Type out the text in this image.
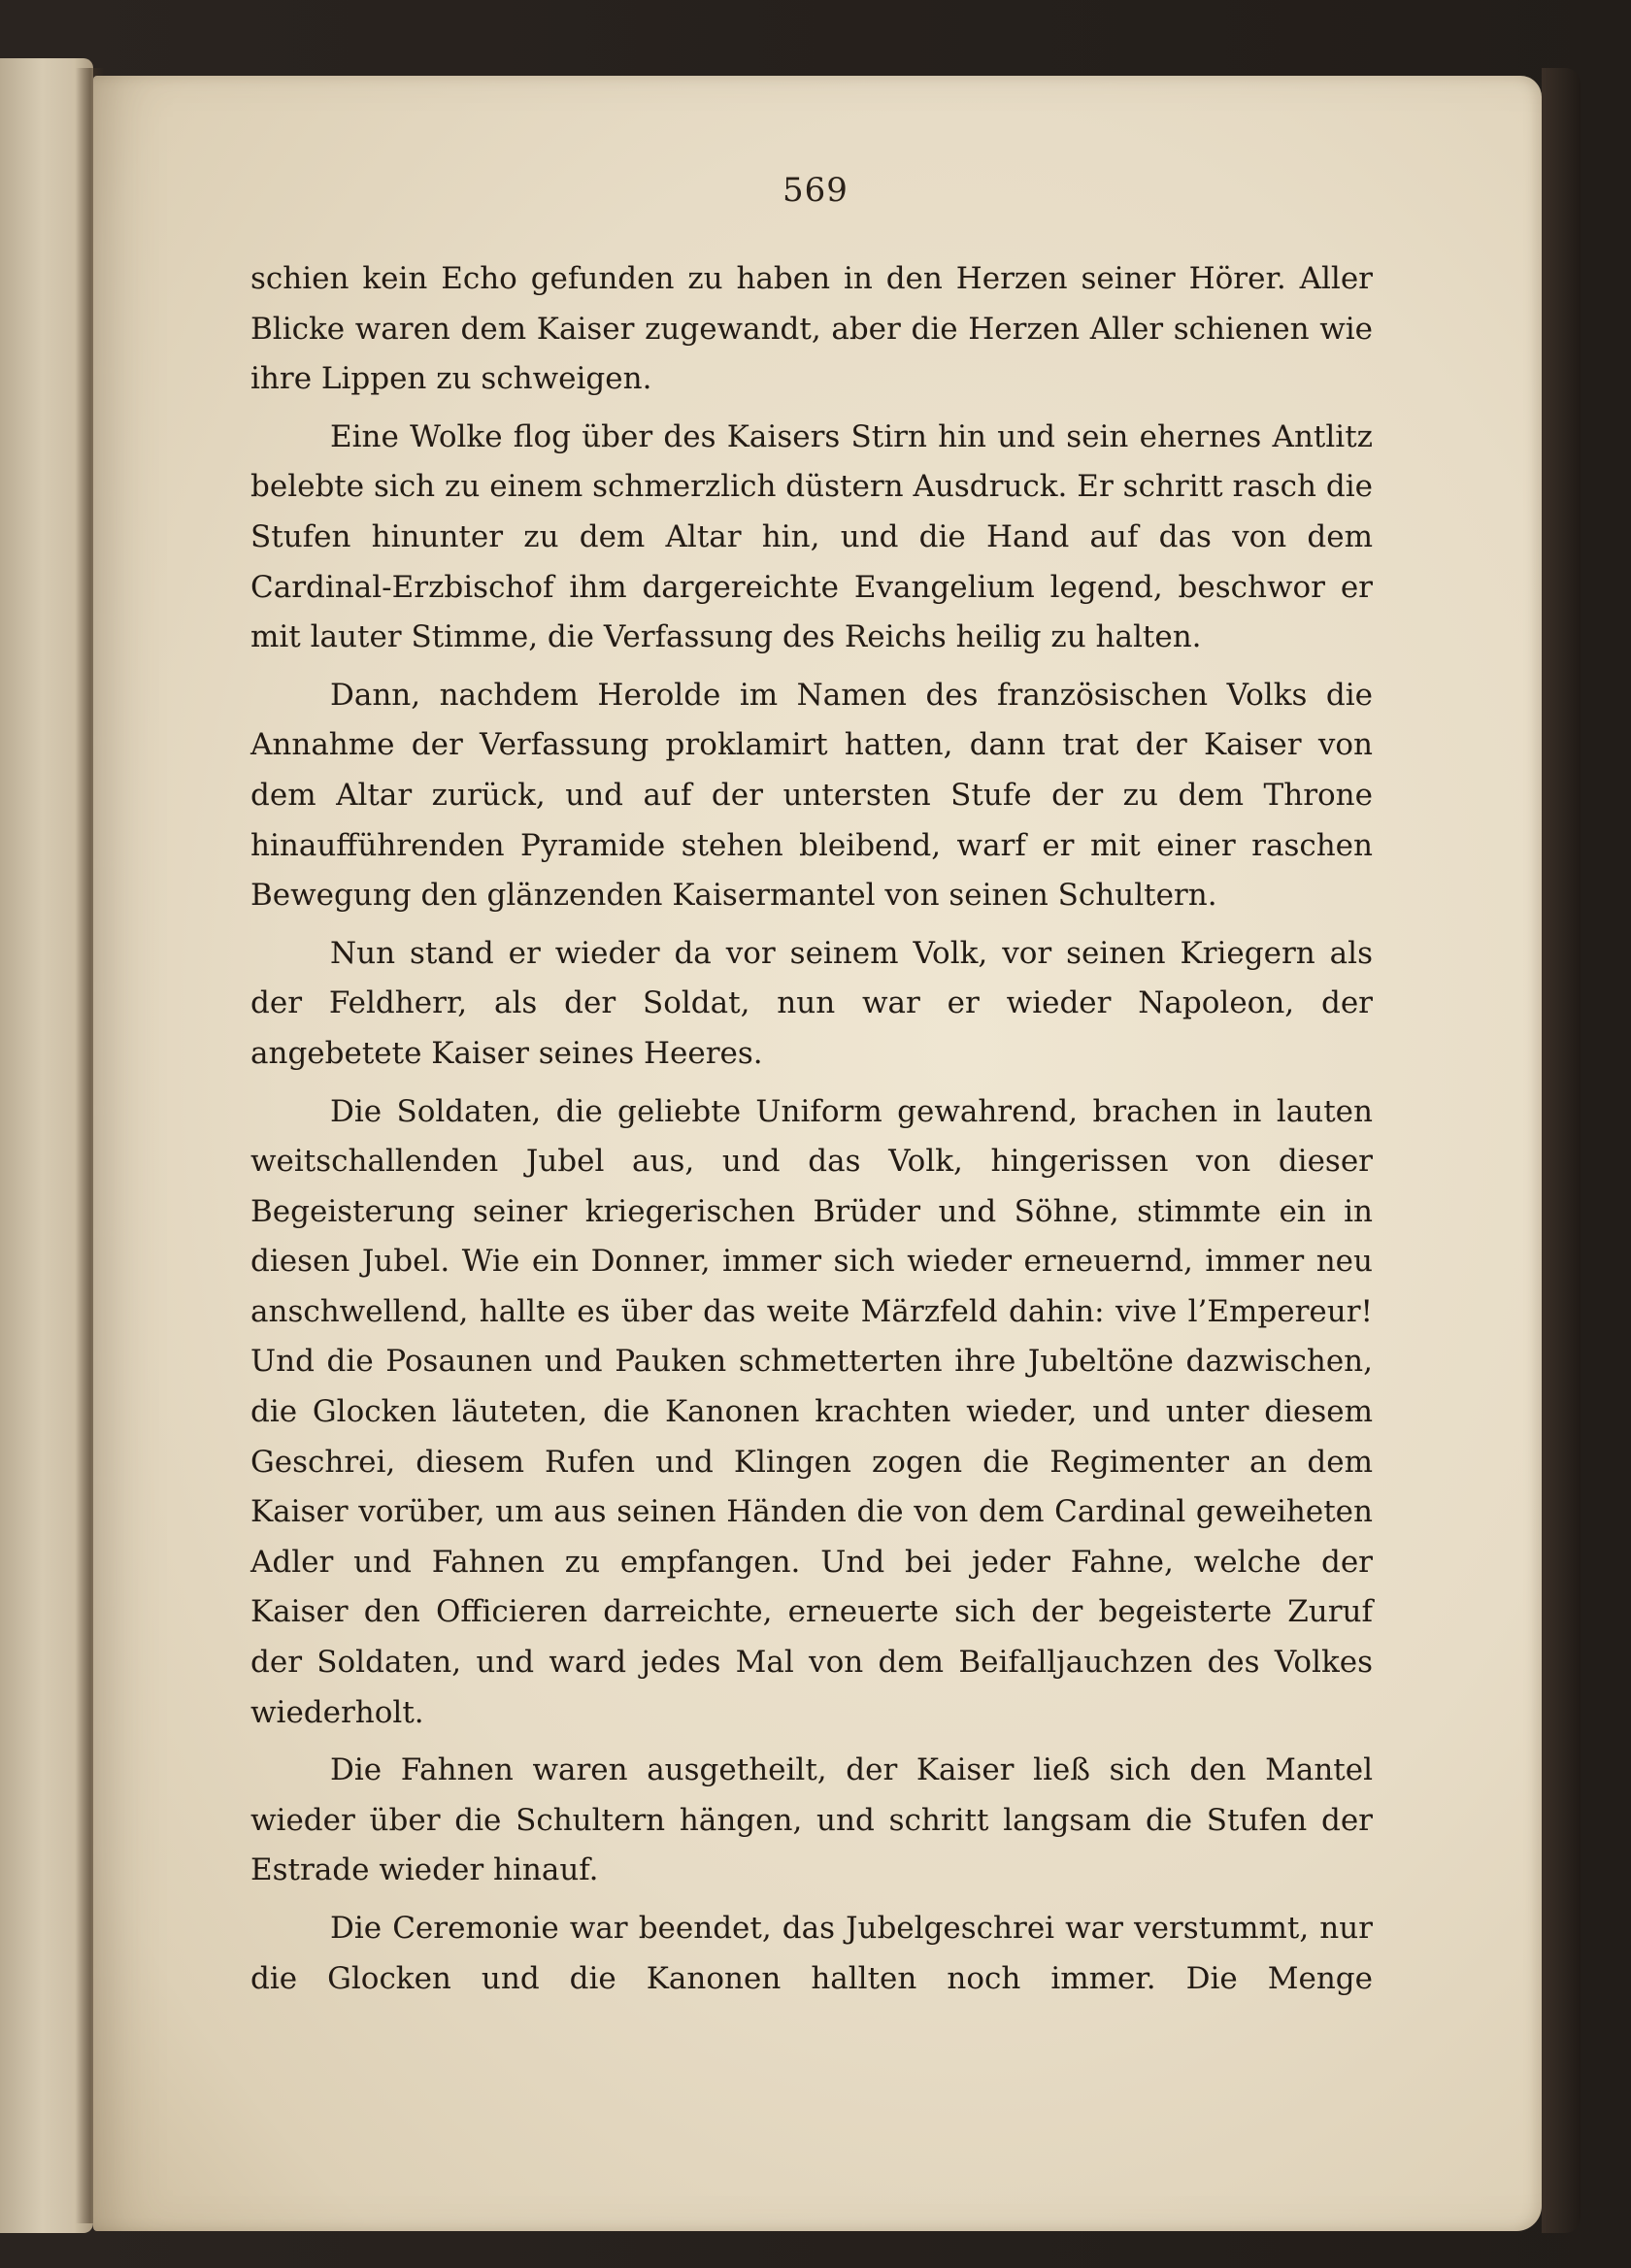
569

schien kein Echo gefunden zu haben in den Herzen seiner Hörer. Aller Blicke waren dem Kaiser zugewandt, aber die Herzen Aller schienen wie ihre Lippen zu schweigen.

Eine Wolke flog über des Kaisers Stirn hin und sein ehernes Antlitz belebte sich zu einem schmerzlich düstern Ausdruck. Er schritt rasch die Stufen hinunter zu dem Altar hin, und die Hand auf das von dem Cardinal-Erzbischof ihm dargereichte Evangelium legend, beschwor er mit lauter Stimme, die Verfassung des Reichs heilig zu halten.

Dann, nachdem Herolde im Namen des französischen Volks die Annahme der Verfassung proklamirt hatten, dann trat der Kaiser von dem Altar zurück, und auf der untersten Stufe der zu dem Throne hinaufführenden Pyramide stehen bleibend, warf er mit einer raschen Bewegung den glänzenden Kaisermantel von seinen Schultern.

Nun stand er wieder da vor seinem Volk, vor seinen Kriegern als der Feldherr, als der Soldat, nun war er wieder Napoleon, der angebetete Kaiser seines Heeres.

Die Soldaten, die geliebte Uniform gewahrend, brachen in lauten weitschallenden Jubel aus, und das Volk, hingerissen von dieser Begeisterung seiner kriegerischen Brüder und Söhne, stimmte ein in diesen Jubel. Wie ein Donner, immer sich wieder erneuernd, immer neu anschwellend, hallte es über das weite Märzfeld dahin: vive l’Empereur! Und die Posaunen und Pauken schmetterten ihre Jubeltöne dazwischen, die Glocken läuteten, die Kanonen krachten wieder, und unter diesem Geschrei, diesem Rufen und Klingen zogen die Regimenter an dem Kaiser vorüber, um aus seinen Händen die von dem Cardinal geweiheten Adler und Fahnen zu empfangen. Und bei jeder Fahne, welche der Kaiser den Officieren darreichte, erneuerte sich der begeisterte Zuruf der Soldaten, und ward jedes Mal von dem Beifalljauchzen des Volkes wiederholt.

Die Fahnen waren ausgetheilt, der Kaiser ließ sich den Mantel wieder über die Schultern hängen, und schritt langsam die Stufen der Estrade wieder hinauf.

Die Ceremonie war beendet, das Jubelgeschrei war verstummt, nur die Glocken und die Kanonen hallten noch immer. Die Menge
